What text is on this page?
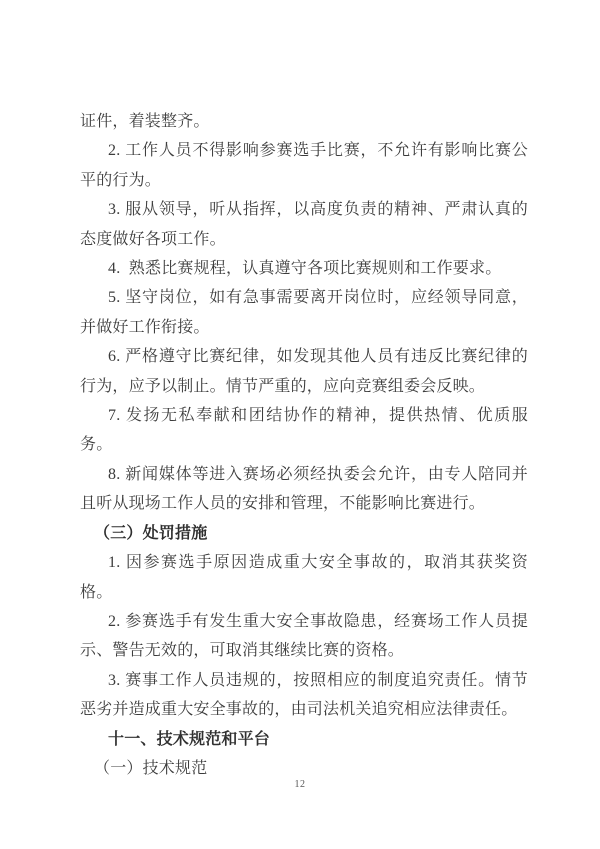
证件，着装整齐。

2. 工作人员不得影响参赛选手比赛，不允许有影响比赛公平的行为。

3. 服从领导，听从指挥，以高度负责的精神、严肃认真的态度做好各项工作。

4.  熟悉比赛规程，认真遵守各项比赛规则和工作要求。

5. 坚守岗位，如有急事需要离开岗位时，应经领导同意，并做好工作衔接。

6. 严格遵守比赛纪律，如发现其他人员有违反比赛纪律的行为，应予以制止。情节严重的，应向竞赛组委会反映。

7. 发扬无私奉献和团结协作的精神，提供热情、优质服务。

8. 新闻媒体等进入赛场必须经执委会允许，由专人陪同并且听从现场工作人员的安排和管理，不能影响比赛进行。

（三）处罚措施

1. 因参赛选手原因造成重大安全事故的，取消其获奖资格。

2. 参赛选手有发生重大安全事故隐患，经赛场工作人员提示、警告无效的，可取消其继续比赛的资格。

3. 赛事工作人员违规的，按照相应的制度追究责任。情节恶劣并造成重大安全事故的，由司法机关追究相应法律责任。

十一、技术规范和平台

（一）技术规范

12
